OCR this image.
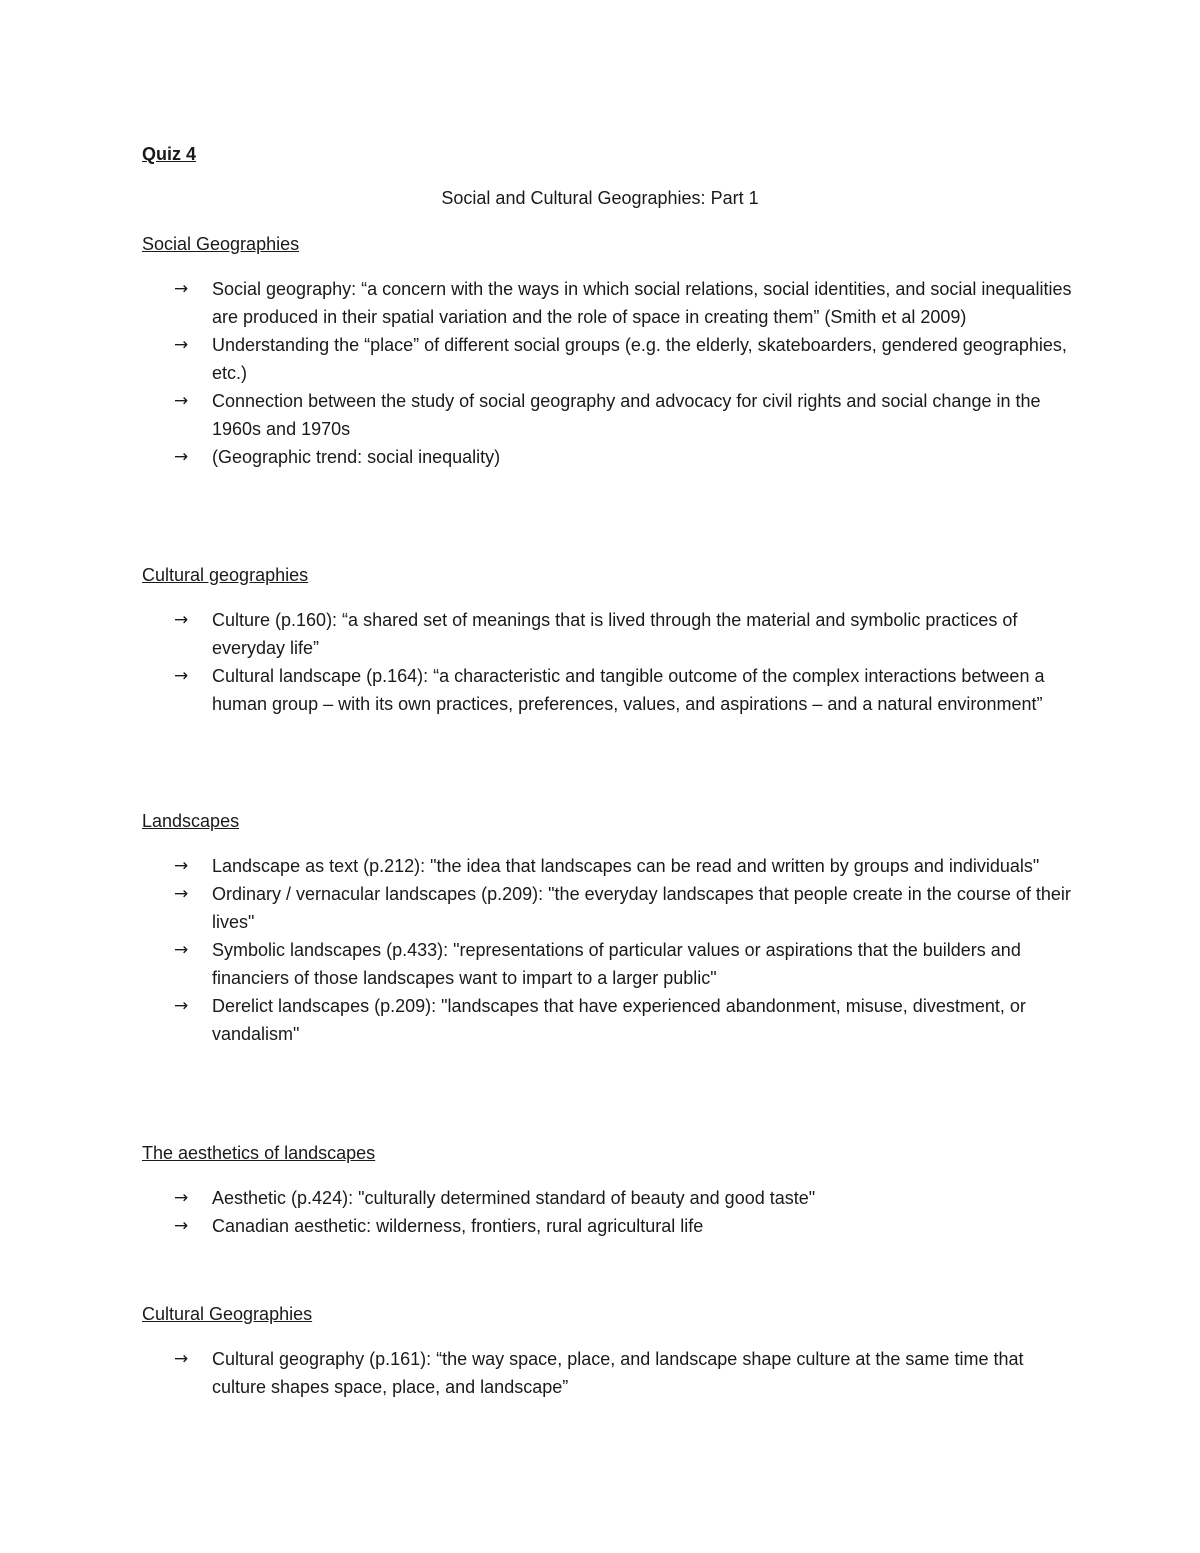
Quiz 4

Social and Cultural Geographies: Part 1

Social Geographies

→ Social geography: “a concern with the ways in which social relations, social identities, and social inequalities are produced in their spatial variation and the role of space in creating them” (Smith et al 2009)
→ Understanding the “place” of different social groups (e.g. the elderly, skateboarders, gendered geographies, etc.)
→ Connection between the study of social geography and advocacy for civil rights and social change in the 1960s and 1970s
→ (Geographic trend: social inequality)

Cultural geographies

→ Culture (p.160): “a shared set of meanings that is lived through the material and symbolic practices of everyday life”
→ Cultural landscape (p.164): “a characteristic and tangible outcome of the complex interactions between a human group – with its own practices, preferences, values, and aspirations – and a natural environment”

Landscapes

→ Landscape as text (p.212): "the idea that landscapes can be read and written by groups and individuals"
→ Ordinary / vernacular landscapes (p.209): "the everyday landscapes that people create in the course of their lives"
→ Symbolic landscapes (p.433): "representations of particular values or aspirations that the builders and financiers of those landscapes want to impart to a larger public"
→ Derelict landscapes (p.209): "landscapes that have experienced abandonment, misuse, divestment, or vandalism"

The aesthetics of landscapes

→ Aesthetic (p.424): "culturally determined standard of beauty and good taste"
→ Canadian aesthetic: wilderness, frontiers, rural agricultural life

Cultural Geographies

→ Cultural geography (p.161): “the way space, place, and landscape shape culture at the same time that culture shapes space, place, and landscape”
